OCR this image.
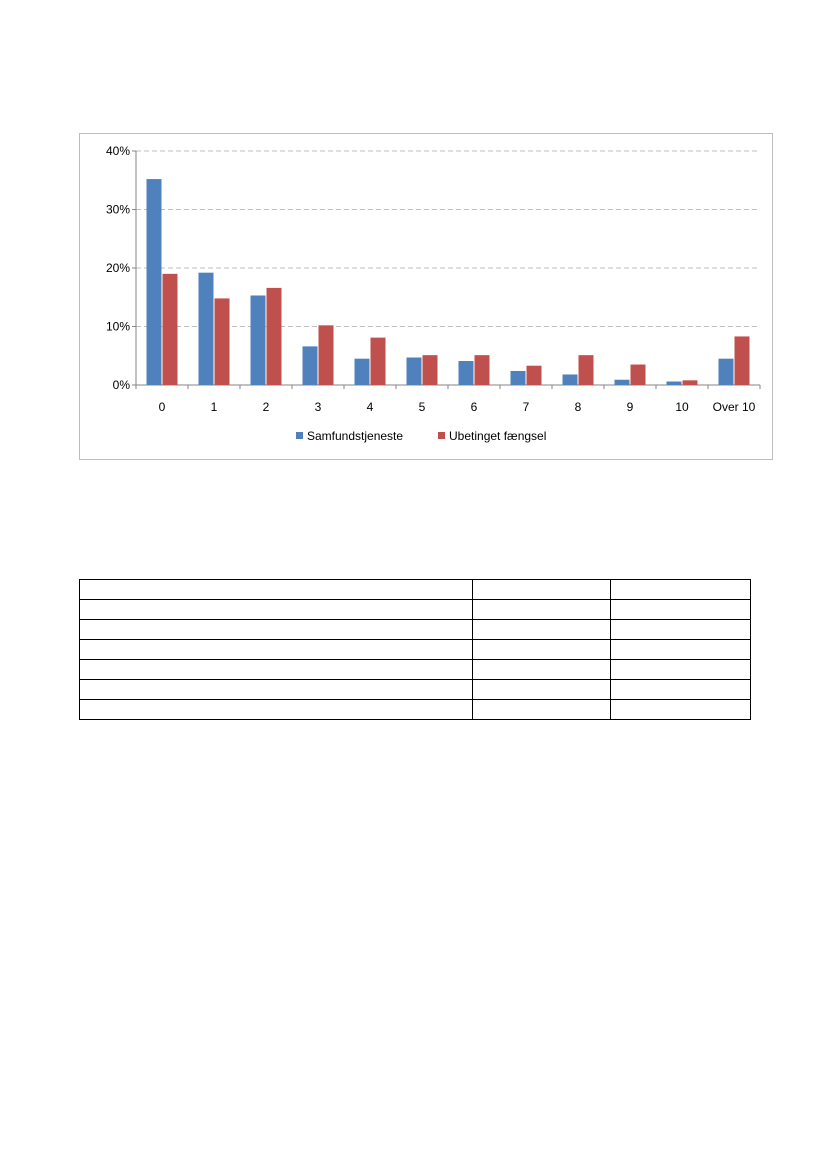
0%
10%
20%
30%
40%
0	1	2	3	4	5	6	7	8	9	10 Over 10
Samfundstjeneste	Ubetinget fængsel
